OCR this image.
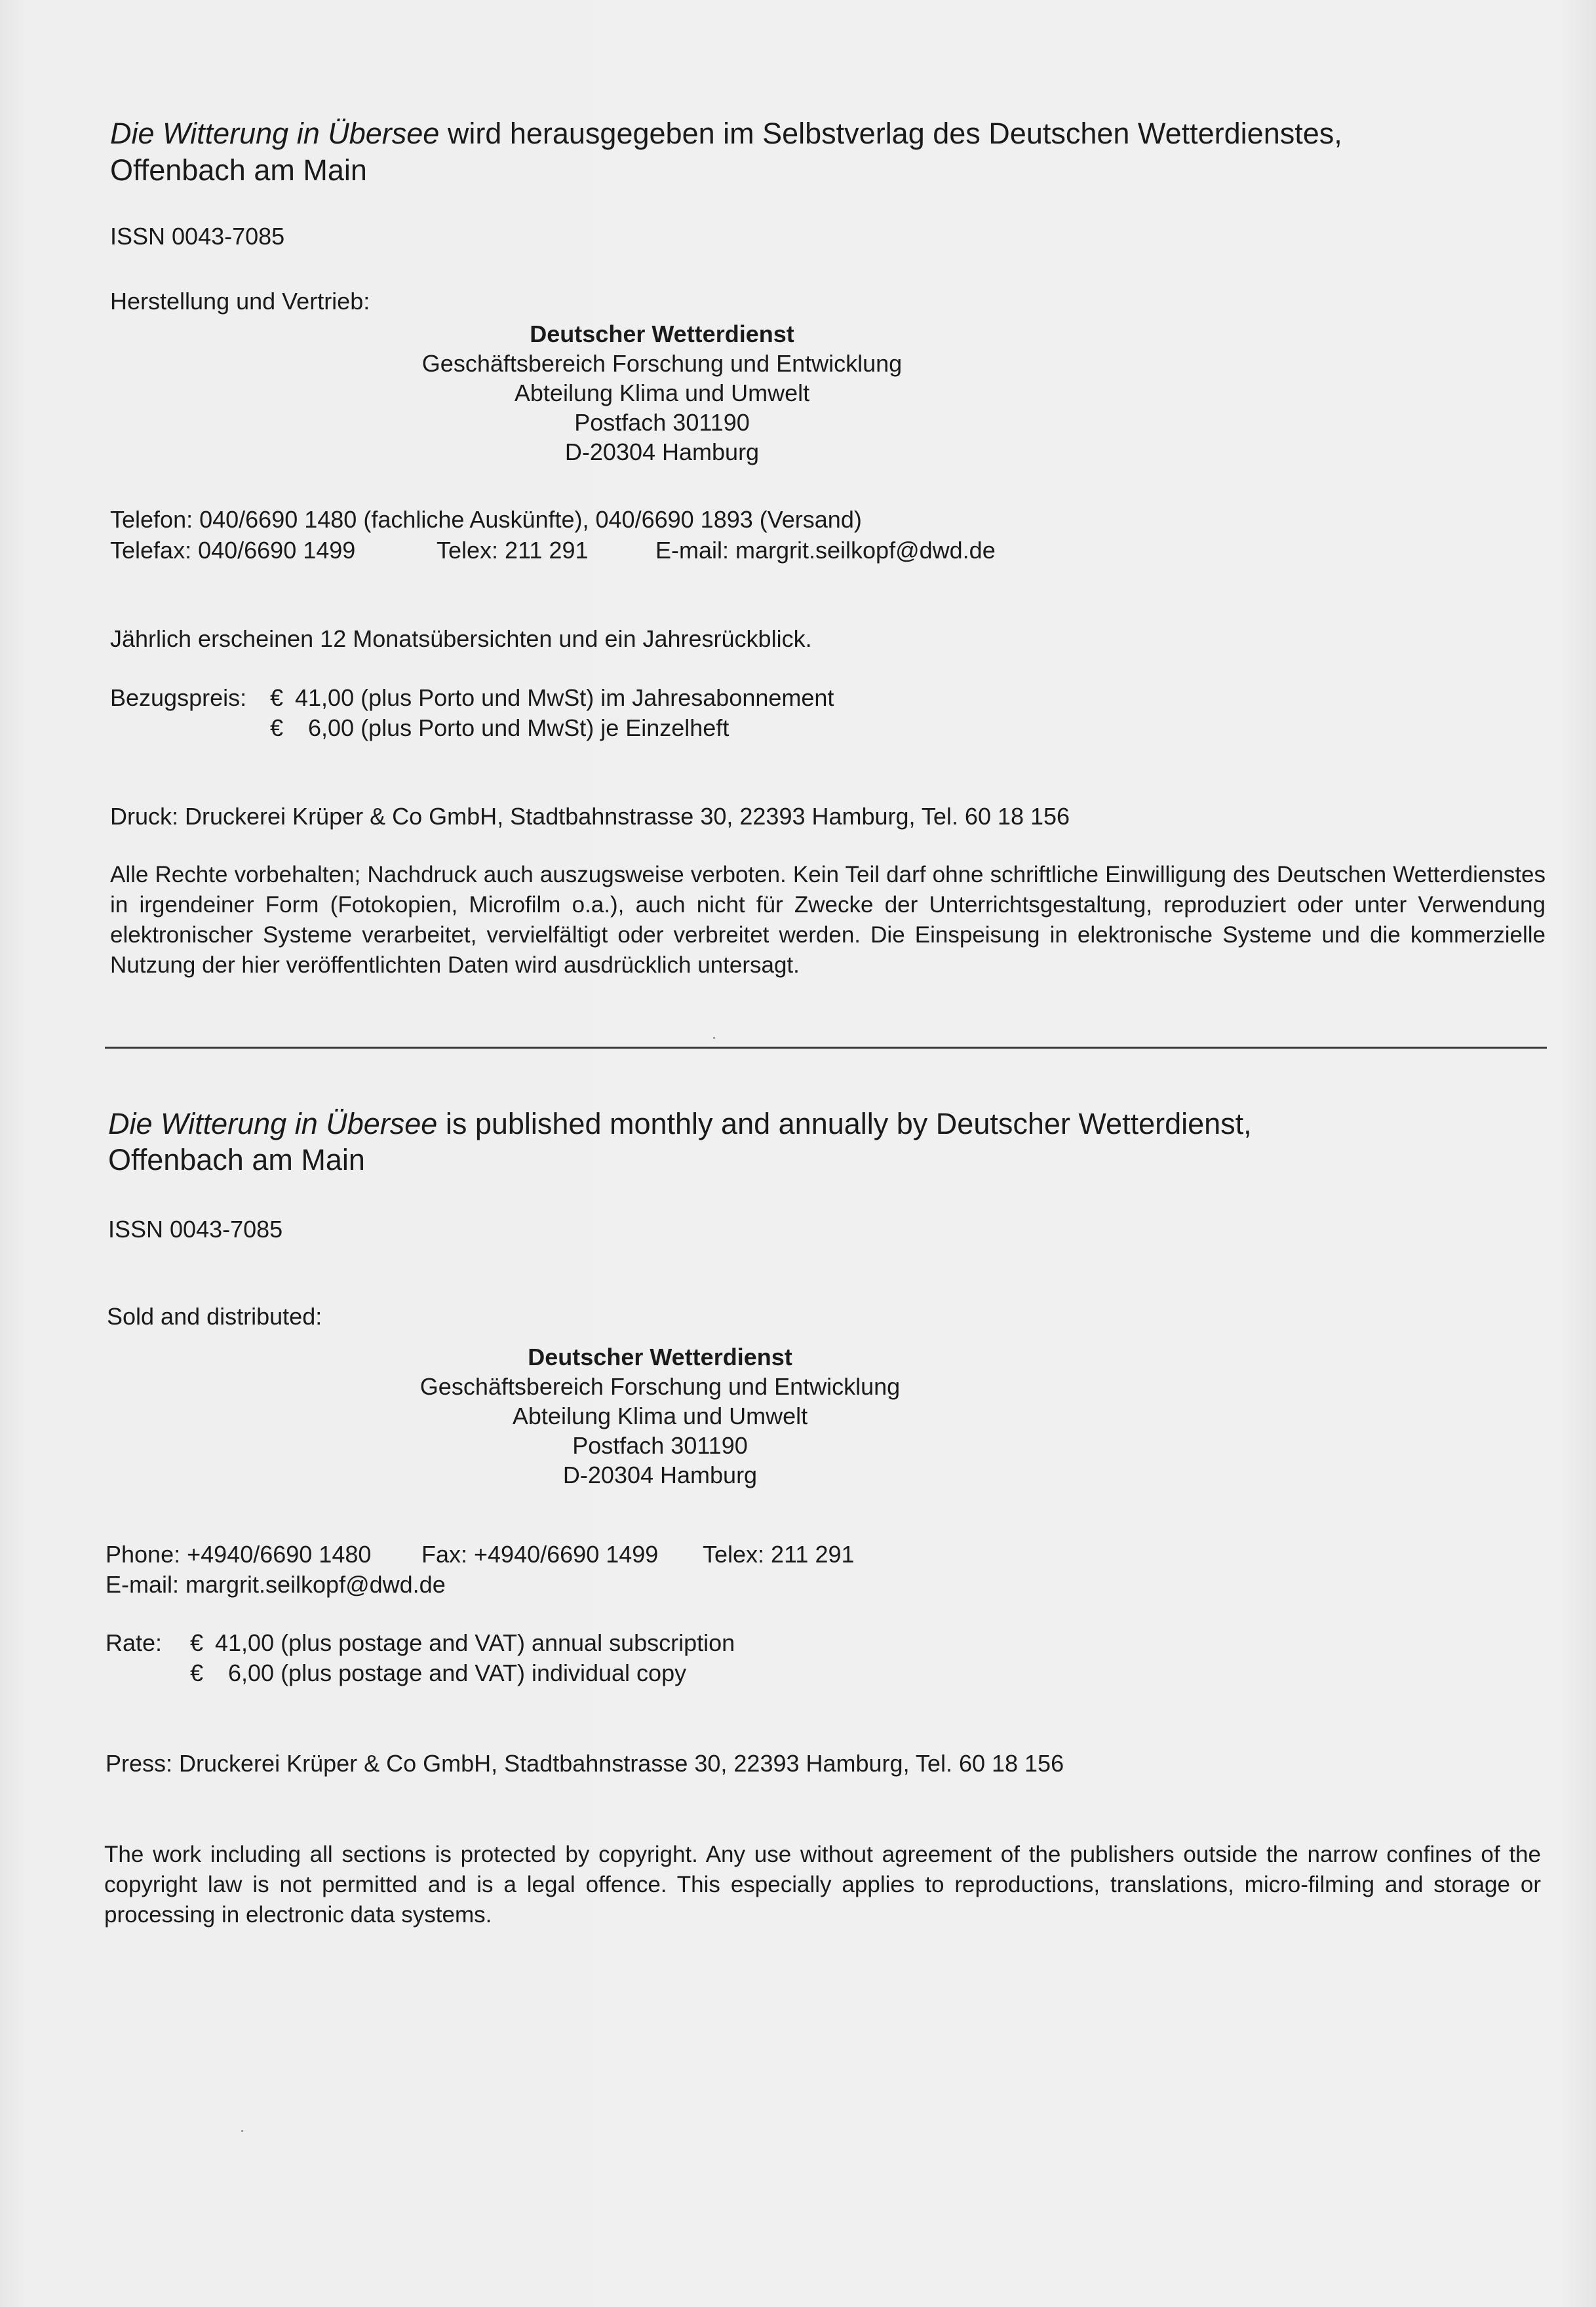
Die Witterung in Übersee wird herausgegeben im Selbstverlag des Deutschen Wetterdienstes,
Offenbach am Main
ISSN 0043-7085
Herstellung und Vertrieb:
Deutscher Wetterdienst
Geschäftsbereich Forschung und Entwicklung
Abteilung Klima und Umwelt
Postfach 301190
D-20304 Hamburg
Telefon: 040/6690 1480 (fachliche Auskünfte), 040/6690 1893 (Versand)
Telefax: 040/6690 1499	Telex: 211 291	E-mail: margrit.seilkopf@dwd.de
Jährlich erscheinen 12 Monatsübersichten und ein Jahresrückblick.
Bezugspreis: € 41,00 (plus Porto und MwSt) im Jahresabonnement
€ 6,00 (plus Porto und MwSt) je Einzelheft
Druck: Druckerei Krüper & Co GmbH, Stadtbahnstrasse 30, 22393 Hamburg, Tel. 60 18 156
Alle Rechte vorbehalten; Nachdruck auch auszugsweise verboten. Kein Teil darf ohne schriftliche Einwilligung des Deutschen Wetterdienstes in irgendeiner Form (Fotokopien, Microfilm o.a.), auch nicht für Zwecke der Unterrichtsgestaltung, reproduziert oder unter Verwendung elektronischer Systeme verarbeitet, vervielfältigt oder verbreitet werden. Die Einspeisung in elektronische Systeme und die kommerzielle Nutzung der hier veröffentlichten Daten wird ausdrücklich untersagt.
Die Witterung in Übersee is published monthly and annually by Deutscher Wetterdienst,
Offenbach am Main
ISSN 0043-7085
Sold and distributed:
Deutscher Wetterdienst
Geschäftsbereich Forschung und Entwicklung
Abteilung Klima und Umwelt
Postfach 301190
D-20304 Hamburg
Phone: +4940/6690 1480 Fax: +4940/6690 1499 Telex: 211 291
E-mail: margrit.seilkopf@dwd.de
Rate: € 41,00 (plus postage and VAT) annual subscription
€ 6,00 (plus postage and VAT) individual copy
Press: Druckerei Krüper & Co GmbH, Stadtbahnstrasse 30, 22393 Hamburg, Tel. 60 18 156
The work including all sections is protected by copyright. Any use without agreement of the publishers outside the narrow confines of the copyright law is not permitted and is a legal offence. This especially applies to reproductions, translations, micro-filming and storage or processing in electronic data systems.
